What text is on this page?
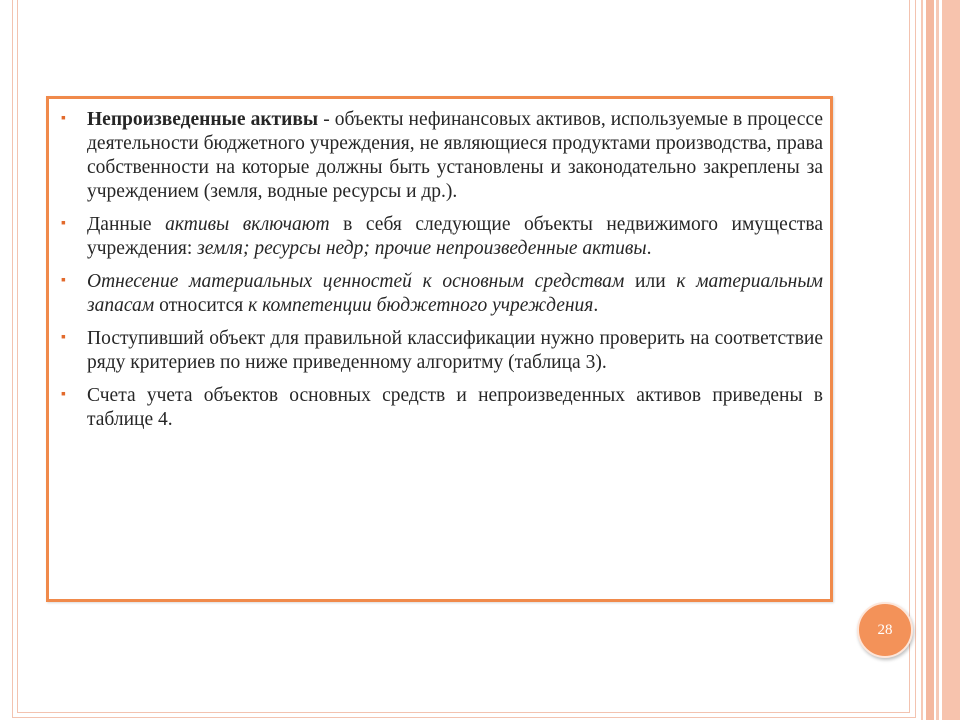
▪ Непроизведенные активы - объекты нефинансовых активов, используемые в процессе деятельности бюджетного учреждения, не являющиеся продуктами производства, права собственности на которые должны быть установлены и законодательно закреплены за учреждением (земля, водные ресурсы и др.).
▪ Данные активы включают в себя следующие объекты недвижимого имущества учреждения: земля; ресурсы недр; прочие непроизведенные активы.
▪ Отнесение материальных ценностей к основным средствам или к материальным запасам относится к компетенции бюджетного учреждения.
▪ Поступивший объект для правильной классификации нужно проверить на соответствие ряду критериев по ниже приведенному алгоритму (таблица 3).
▪ Счета учета объектов основных средств и непроизведенных активов приведены в таблице 4.
28
